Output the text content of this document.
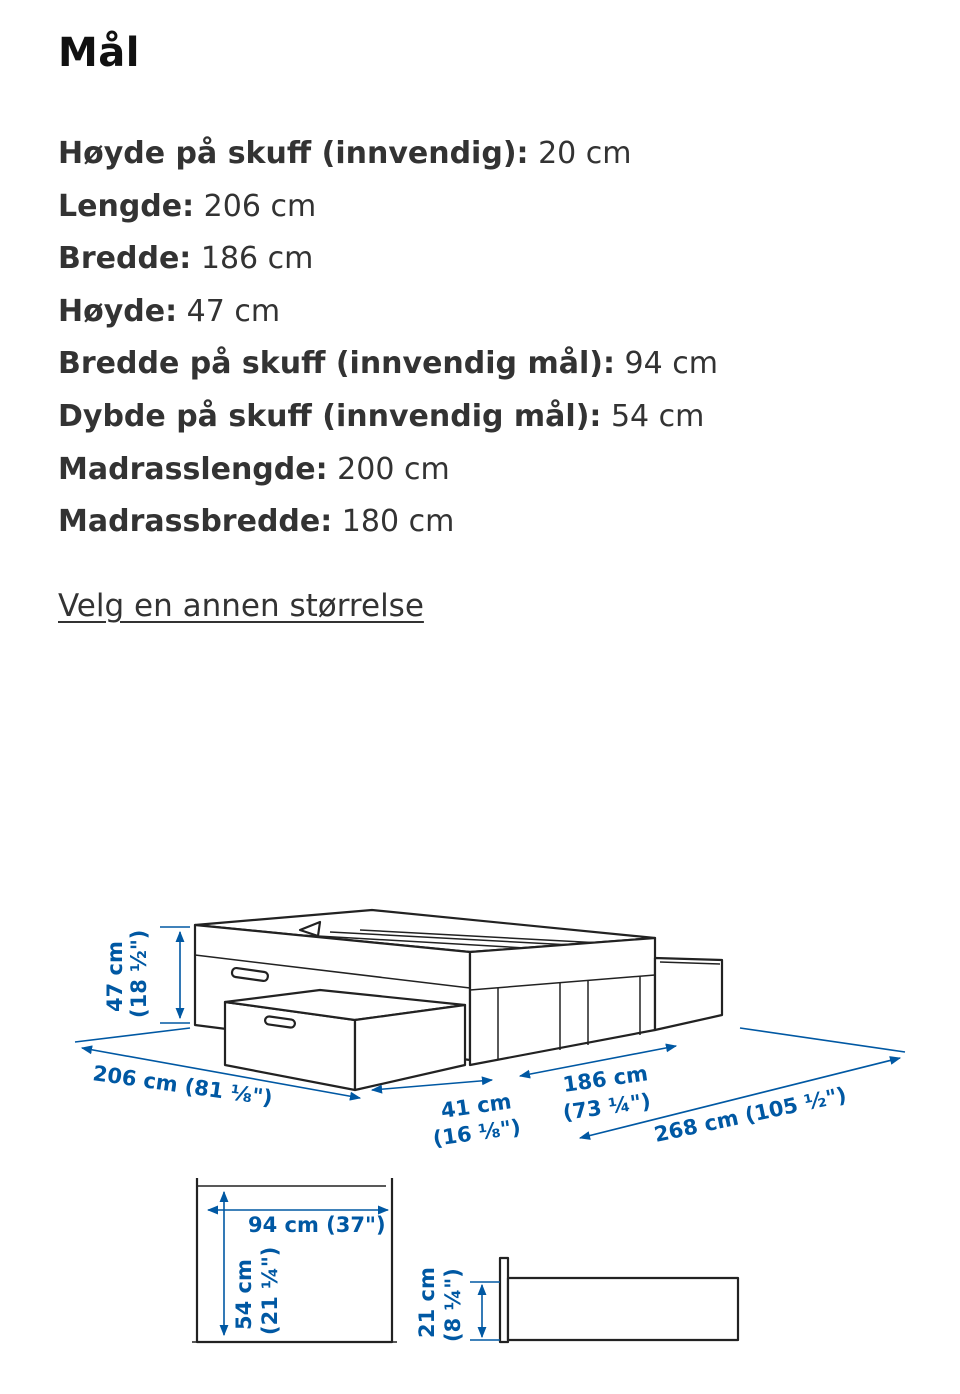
Mål
Høyde på skuff (innvendig): 20 cm
Lengde: 206 cm
Bredde: 186 cm
Høyde: 47 cm
Bredde på skuff (innvendig mål): 94 cm
Dybde på skuff (innvendig mål): 54 cm
Madrasslengde: 200 cm
Madrassbredde: 180 cm
Velg en annen størrelse
47 cm (18 ½")
206 cm (81 ⅛")	41 cm
(16 ⅛")
186 cm
(73 ¼") 268 cm (105 ½")
94 cm (37")
54 cm (21 ¼")	21 cm (8 ¼")
